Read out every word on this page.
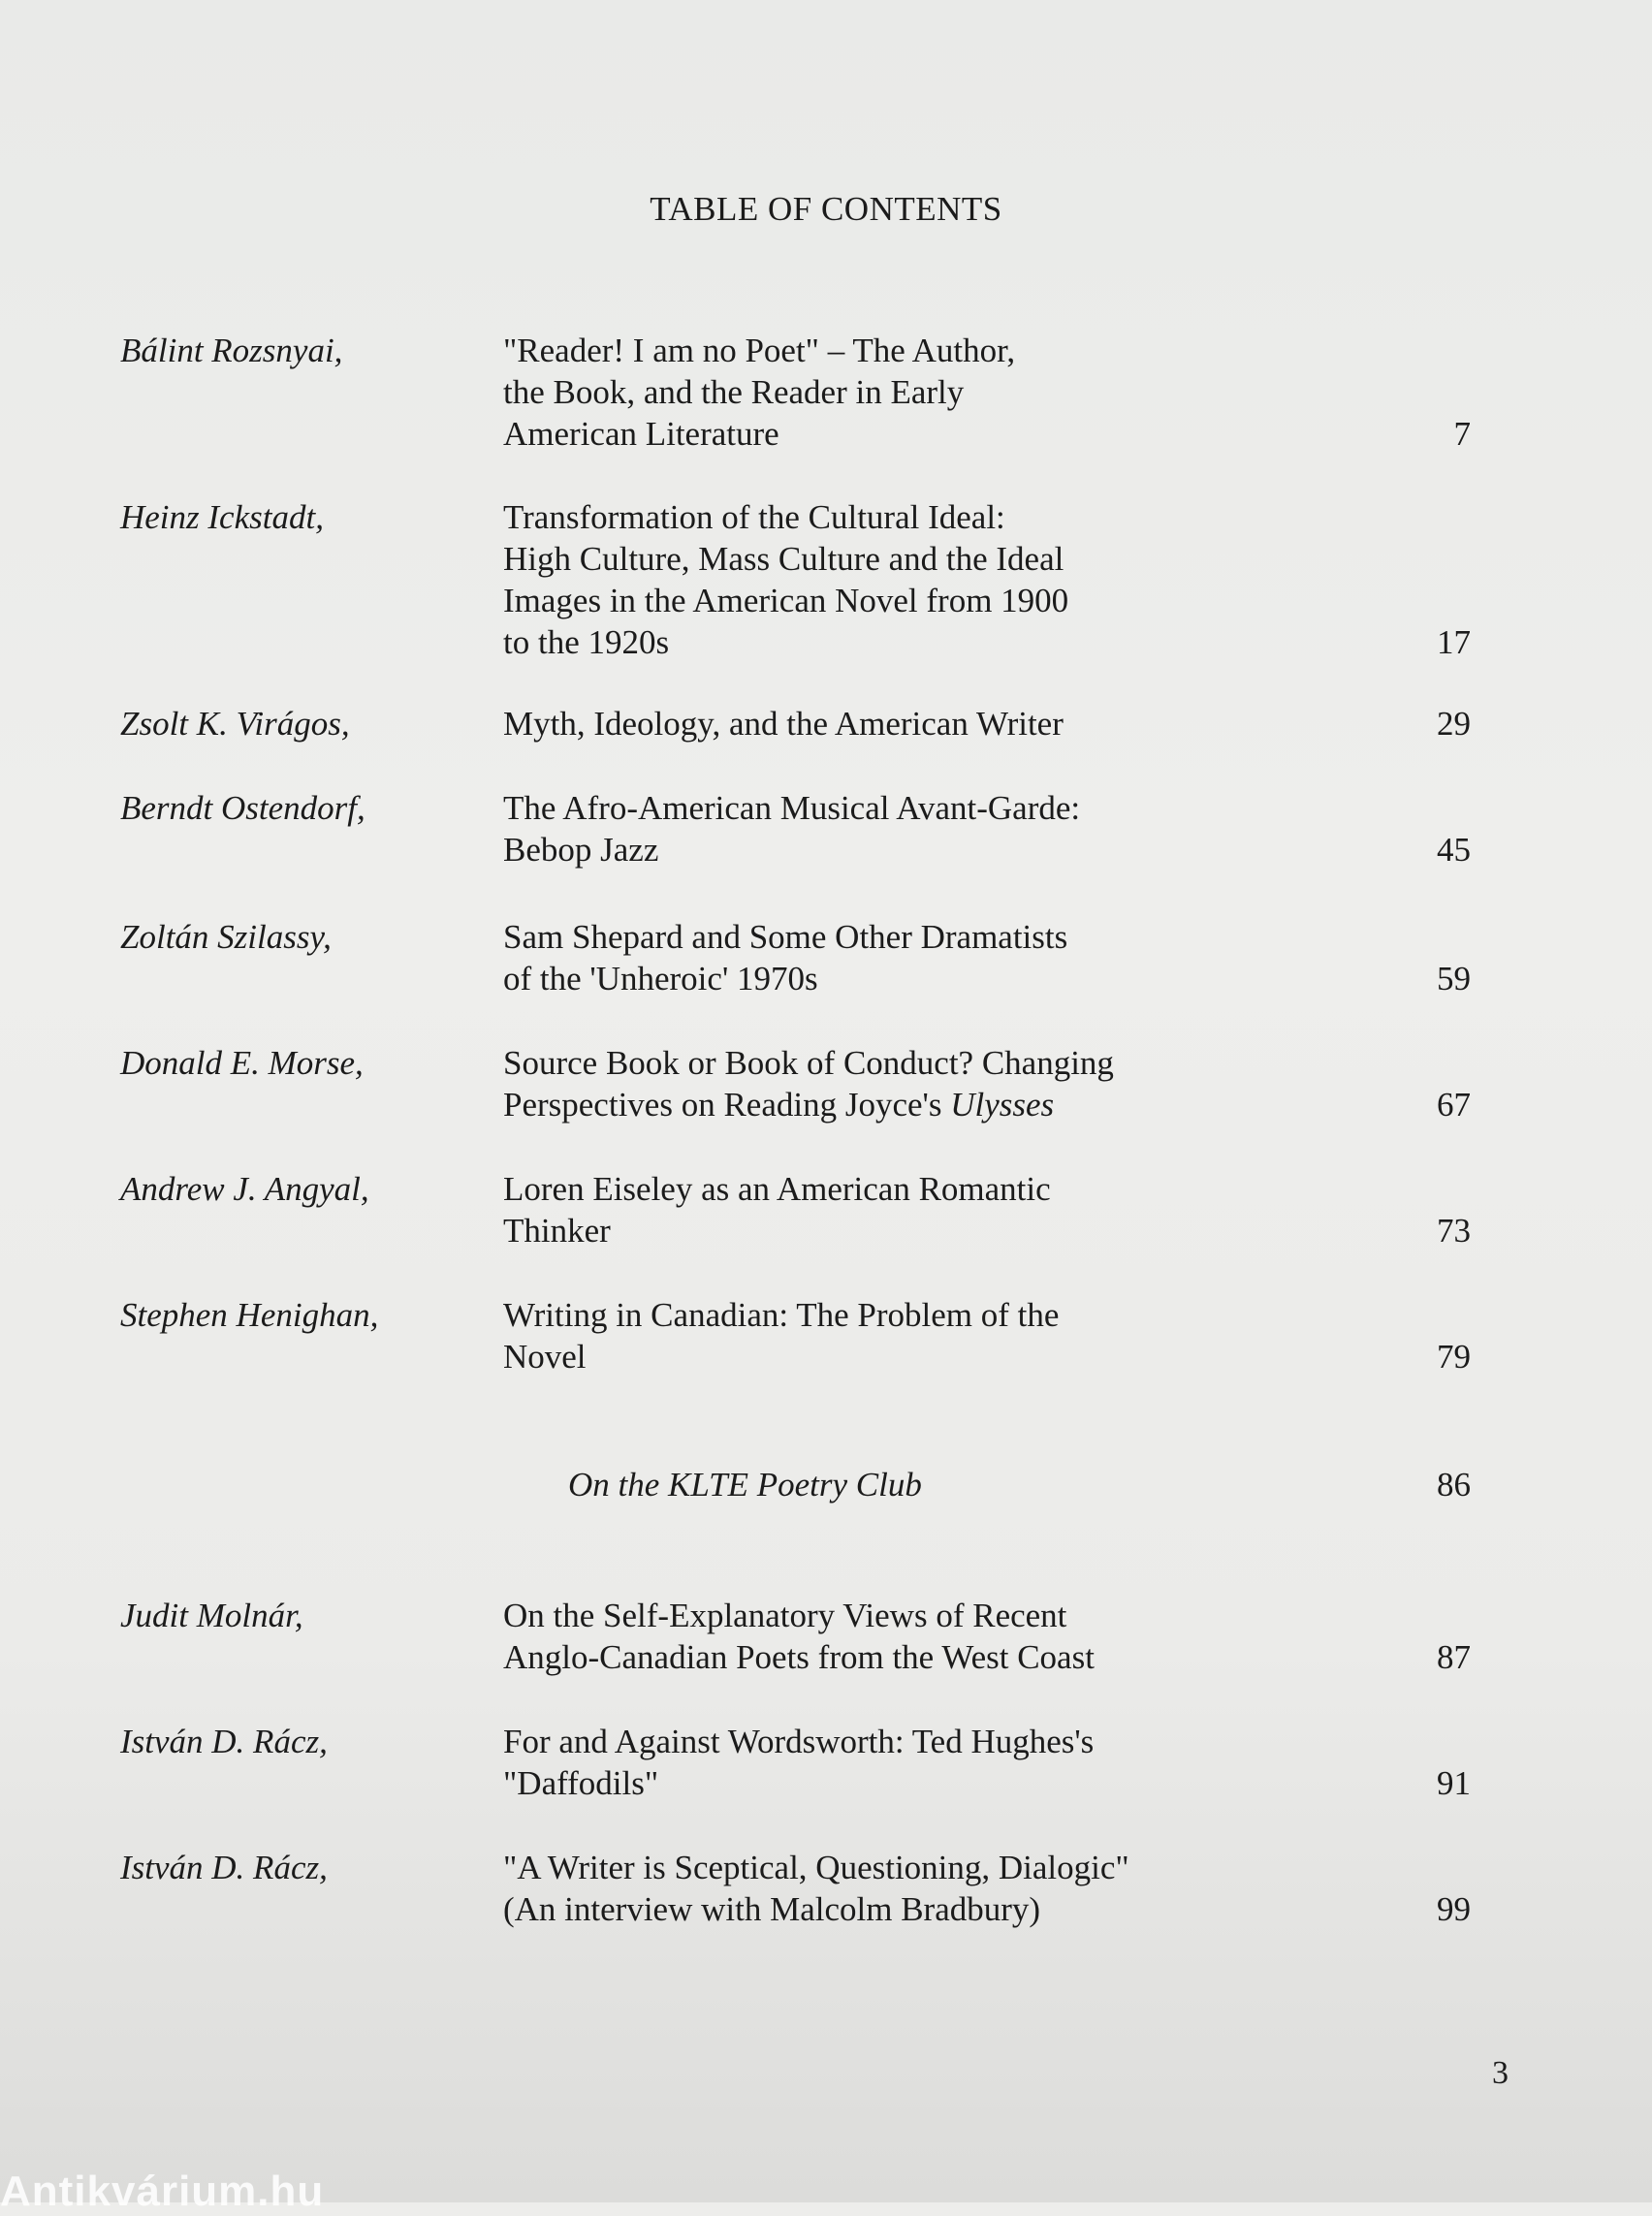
TABLE OF CONTENTS
Bálint Rozsnyai,	"Reader! I am no Poet" – The Author,
the Book, and the Reader in Early
American Literature	7
Heinz Ickstadt,	Transformation of the Cultural Ideal:
High Culture, Mass Culture and the Ideal
Images in the American Novel from 1900
to the 1920s	17
Zsolt K. Virágos,	Myth, Ideology, and the American Writer	29
Berndt Ostendorf,	The Afro-American Musical Avant-Garde:
Bebop Jazz	45
Zoltán Szilassy,	Sam Shepard and Some Other Dramatists
of the 'Unheroic' 1970s	59
Donald E. Morse,	Source Book or Book of Conduct? Changing
Perspectives on Reading Joyce's Ulysses	67
Andrew J. Angyal,	Loren Eiseley as an American Romantic
Thinker	73
Stephen Henighan,	Writing in Canadian: The Problem of the
Novel	79
On the KLTE Poetry Club	86
Judit Molnár,	On the Self-Explanatory Views of Recent
Anglo-Canadian Poets from the West Coast	87
István D. Rácz,	For and Against Wordsworth: Ted Hughes's
"Daffodils"	91
István D. Rácz,	"A Writer is Sceptical, Questioning, Dialogic"
(An interview with Malcolm Bradbury)	99
3
Antikvárium.hu
